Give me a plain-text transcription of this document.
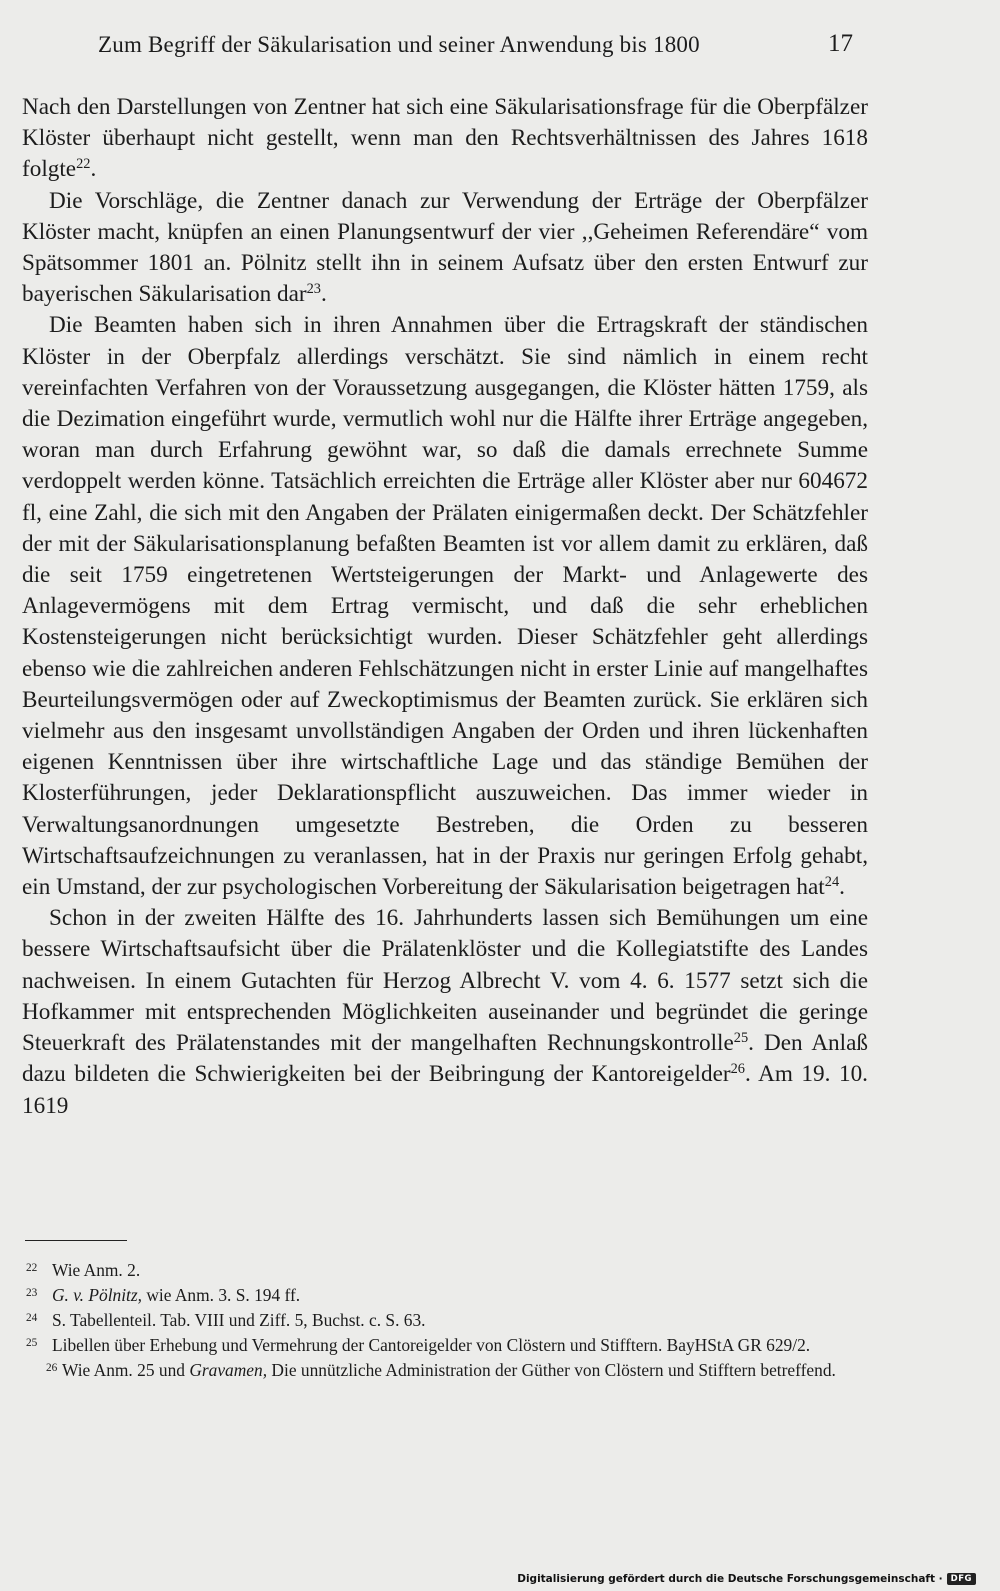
Zum Begriff der Säkularisation und seiner Anwendung bis 1800	17

Nach den Darstellungen von Zentner hat sich eine Säkularisationsfrage für die Oberpfälzer Klöster überhaupt nicht gestellt, wenn man den Rechtsverhältnissen des Jahres 1618 folgte$^{22}$.

Die Vorschläge, die Zentner danach zur Verwendung der Erträge der Oberpfälzer Klöster macht, knüpfen an einen Planungsentwurf der vier ,,Geheimen Referendäre“ vom Spätsommer 1801 an. Pölnitz stellt ihn in seinem Aufsatz über den ersten Entwurf zur bayerischen Säkularisation dar$^{23}$.

Die Beamten haben sich in ihren Annahmen über die Ertragskraft der ständischen Klöster in der Oberpfalz allerdings verschätzt. Sie sind nämlich in einem recht vereinfachten Verfahren von der Voraussetzung ausgegangen, die Klöster hätten 1759, als die Dezimation eingeführt wurde, vermutlich wohl nur die Hälfte ihrer Erträge angegeben, woran man durch Erfahrung gewöhnt war, so daß die damals errechnete Summe verdoppelt werden könne. Tatsächlich erreichten die Erträge aller Klöster aber nur 604672 fl, eine Zahl, die sich mit den Angaben der Prälaten einigermaßen deckt. Der Schätzfehler der mit der Säkularisationsplanung befaßten Beamten ist vor allem damit zu erklären, daß die seit 1759 eingetretenen Wertsteigerungen der Markt- und Anlagewerte des Anlagevermögens mit dem Ertrag vermischt, und daß die sehr erheblichen Kostensteigerungen nicht berücksichtigt wurden. Dieser Schätzfehler geht allerdings ebenso wie die zahlreichen anderen Fehlschätzungen nicht in erster Linie auf mangelhaftes Beurteilungsvermögen oder auf Zweckoptimismus der Beamten zurück. Sie erklären sich vielmehr aus den insgesamt unvollständigen Angaben der Orden und ihren lückenhaften eigenen Kenntnissen über ihre wirtschaftliche Lage und das ständige Bemühen der Klosterführungen, jeder Deklarationspflicht auszuweichen. Das immer wieder in Verwaltungsanordnungen umgesetzte Bestreben, die Orden zu besseren Wirtschaftsaufzeichnungen zu veranlassen, hat in der Praxis nur geringen Erfolg gehabt, ein Umstand, der zur psychologischen Vorbereitung der Säkularisation beigetragen hat$^{24}$.

Schon in der zweiten Hälfte des 16. Jahrhunderts lassen sich Bemühungen um eine bessere Wirtschaftsaufsicht über die Prälatenklöster und die Kollegiatstifte des Landes nachweisen. In einem Gutachten für Herzog Albrecht V. vom 4. 6. 1577 setzt sich die Hofkammer mit entsprechenden Möglichkeiten auseinander und begründet die geringe Steuerkraft des Prälatenstandes mit der mangelhaften Rechnungskontrolle$^{25}$. Den Anlaß dazu bildeten die Schwierigkeiten bei der Beibringung der Kantoreigelder$^{26}$. Am 19. 10. 1619

$^{22}$ Wie Anm. 2.

$^{23}$ G. v. Pölnitz, wie Anm. 3. S. 194 ff.

$^{24}$ S. Tabellenteil. Tab. VIII und Ziff. 5, Buchst. c. S. 63.

$^{25}$ Libellen über Erhebung und Vermehrung der Cantoreigelder von Clöstern und Stifftern. BayHStA GR 629/2.

$^{26}$ Wie Anm. 25 und Gravamen, Die unnützliche Administration der Güther von Clöstern und Stifftern betreffend.

Digitalisierung gefördert durch die Deutsche Forschungsgemeinschaft · DFG
